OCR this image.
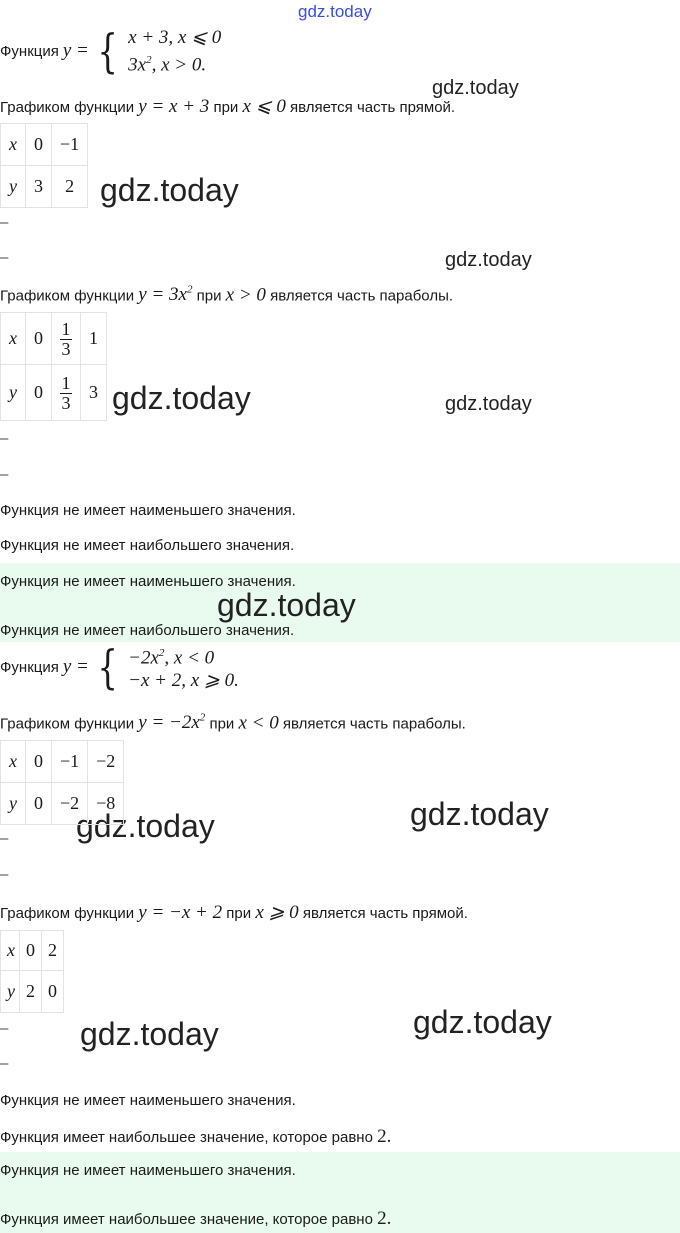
gdz.today
gdz.today
gdz.today
gdz.today
gdz.today	gdz.today
gdz.today
gdz.today
gdz.today
gdz.today
Функция y = { x + 3, x ⩽ 0
$3x^2$, x > 0.
Графиком функции y = x + 3 при x ⩽ 0 является часть прямой.
x	0	−1
y	3	2
–
–
Графиком функции $y = 3x^2$ при x > 0 является часть параболы.
x	0	$\frac{1}{3}$	1
y	0	$\frac{1}{3}$	3
–
–
Функция не имеет наименьшего значения.
Функция не имеет наибольшего значения.
Функция не имеет наименьшего значения.
Функция не имеет наибольшего значения.
gdz.today
Функция y = { $-2x^2$, x < 0
−x + 2, x ⩾ 0.
Графиком функции $y = -2x^2$ при x < 0 является часть параболы.
x	0	−1	−2
y	0	−2	−8
–
–
Графиком функции y = −x + 2 при x ⩾ 0 является часть прямой.
x	0	2
y	2	0
–
–
Функция не имеет наименьшего значения.
Функция имеет наибольшее значение, которое равно 2.
Функция не имеет наименьшего значения.
Функция имеет наибольшее значение, которое равно 2.
